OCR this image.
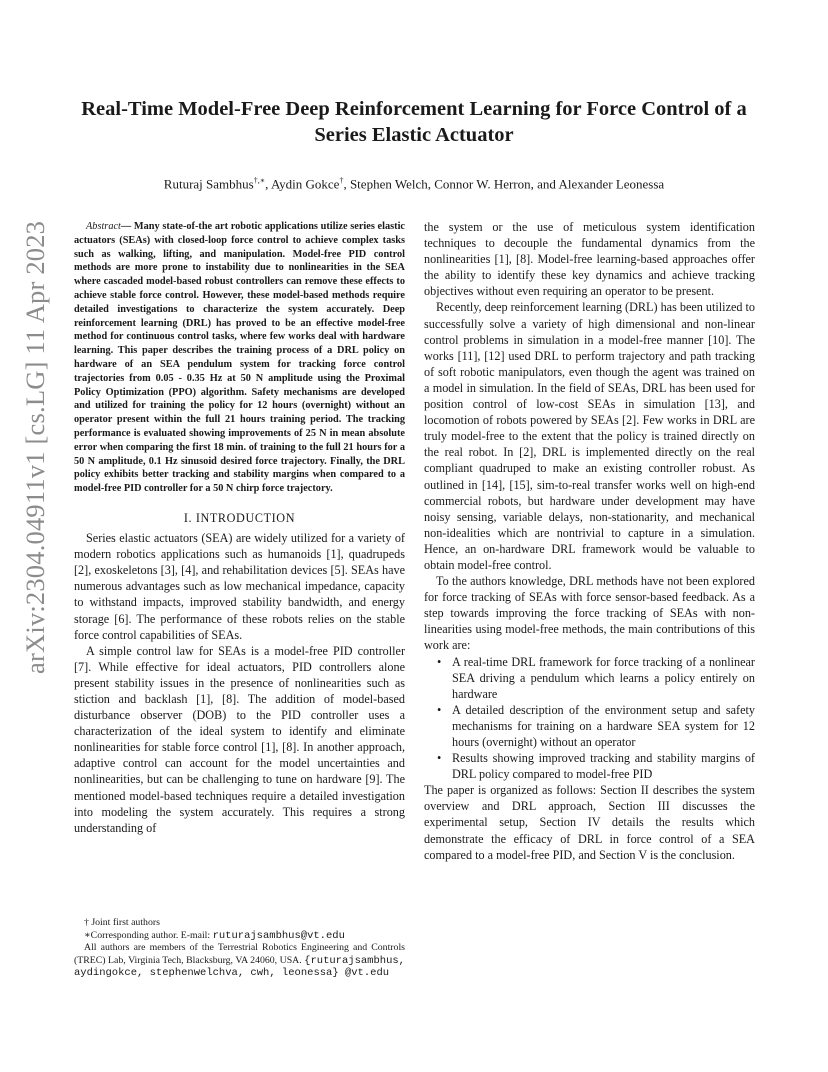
arXiv:2304.04911v1 [cs.LG] 11 Apr 2023
Real-Time Model-Free Deep Reinforcement Learning for Force Control of a Series Elastic Actuator
Ruturaj Sambhus†,∗, Aydin Gokce†, Stephen Welch, Connor W. Herron, and Alexander Leonessa

Abstract— Many state-of-the art robotic applications utilize series elastic actuators (SEAs) with closed-loop force control to achieve complex tasks such as walking, lifting, and manipulation. Model-free PID control methods are more prone to instability due to nonlinearities in the SEA where cascaded model-based robust controllers can remove these effects to achieve stable force control. However, these model-based methods require detailed investigations to characterize the system accurately. Deep reinforcement learning (DRL) has proved to be an effective model-free method for continuous control tasks, where few works deal with hardware learning. This paper describes the training process of a DRL policy on hardware of an SEA pendulum system for tracking force control trajectories from 0.05 - 0.35 Hz at 50 N amplitude using the Proximal Policy Optimization (PPO) algorithm. Safety mechanisms are developed and utilized for training the policy for 12 hours (overnight) without an operator present within the full 21 hours training period. The tracking performance is evaluated showing improvements of 25 N in mean absolute error when comparing the first 18 min. of training to the full 21 hours for a 50 N amplitude, 0.1 Hz sinusoid desired force trajectory. Finally, the DRL policy exhibits better tracking and stability margins when compared to a model-free PID controller for a 50 N chirp force trajectory.

I. INTRODUCTION

Series elastic actuators (SEA) are widely utilized for a variety of modern robotics applications such as humanoids [1], quadrupeds [2], exoskeletons [3], [4], and rehabilitation devices [5]. SEAs have numerous advantages such as low mechanical impedance, capacity to withstand impacts, improved stability bandwidth, and energy storage [6]. The performance of these robots relies on the stable force control capabilities of SEAs.

A simple control law for SEAs is a model-free PID controller [7]. While effective for ideal actuators, PID controllers alone present stability issues in the presence of nonlinearities such as stiction and backlash [1], [8]. The addition of model-based disturbance observer (DOB) to the PID controller uses a characterization of the ideal system to identify and eliminate nonlinearities for stable force control [1], [8]. In another approach, adaptive control can account for the model uncertainties and nonlinearities, but can be challenging to tune on hardware [9]. The mentioned model-based techniques require a detailed investigation into modeling the system accurately. This requires a strong understanding of

the system or the use of meticulous system identification techniques to decouple the fundamental dynamics from the nonlinearities [1], [8]. Model-free learning-based approaches offer the ability to identify these key dynamics and achieve tracking objectives without even requiring an operator to be present.

Recently, deep reinforcement learning (DRL) has been utilized to successfully solve a variety of high dimensional and non-linear control problems in simulation in a model-free manner [10]. The works [11], [12] used DRL to perform trajectory and path tracking of soft robotic manipulators, even though the agent was trained on a model in simulation. In the field of SEAs, DRL has been used for position control of low-cost SEAs in simulation [13], and locomotion of robots powered by SEAs [2]. Few works in DRL are truly model-free to the extent that the policy is trained directly on the real robot. In [2], DRL is implemented directly on the real compliant quadruped to make an existing controller robust. As outlined in [14], [15], sim-to-real transfer works well on high-end commercial robots, but hardware under development may have noisy sensing, variable delays, non-stationarity, and mechanical non-idealities which are nontrivial to capture in a simulation. Hence, an on-hardware DRL framework would be valuable to obtain model-free control.

To the authors knowledge, DRL methods have not been explored for force tracking of SEAs with force sensor-based feedback. As a step towards improving the force tracking of SEAs with non-linearities using model-free methods, the main contributions of this work are:

• A real-time DRL framework for force tracking of a nonlinear SEA driving a pendulum which learns a policy entirely on hardware
• A detailed description of the environment setup and safety mechanisms for training on a hardware SEA system for 12 hours (overnight) without an operator
• Results showing improved tracking and stability margins of DRL policy compared to model-free PID

The paper is organized as follows: Section II describes the system overview and DRL approach, Section III discusses the experimental setup, Section IV details the results which demonstrate the efficacy of DRL in force control of a SEA compared to a model-free PID, and Section V is the conclusion.

† Joint first authors

∗Corresponding author. E-mail: ruturajsambhus@vt.edu

All authors are members of the Terrestrial Robotics Engineering and Controls (TREC) Lab, Virginia Tech, Blacksburg, VA 24060, USA. {ruturajsambhus, aydingokce, stephenwelchva, cwh, leonessa} @vt.edu
